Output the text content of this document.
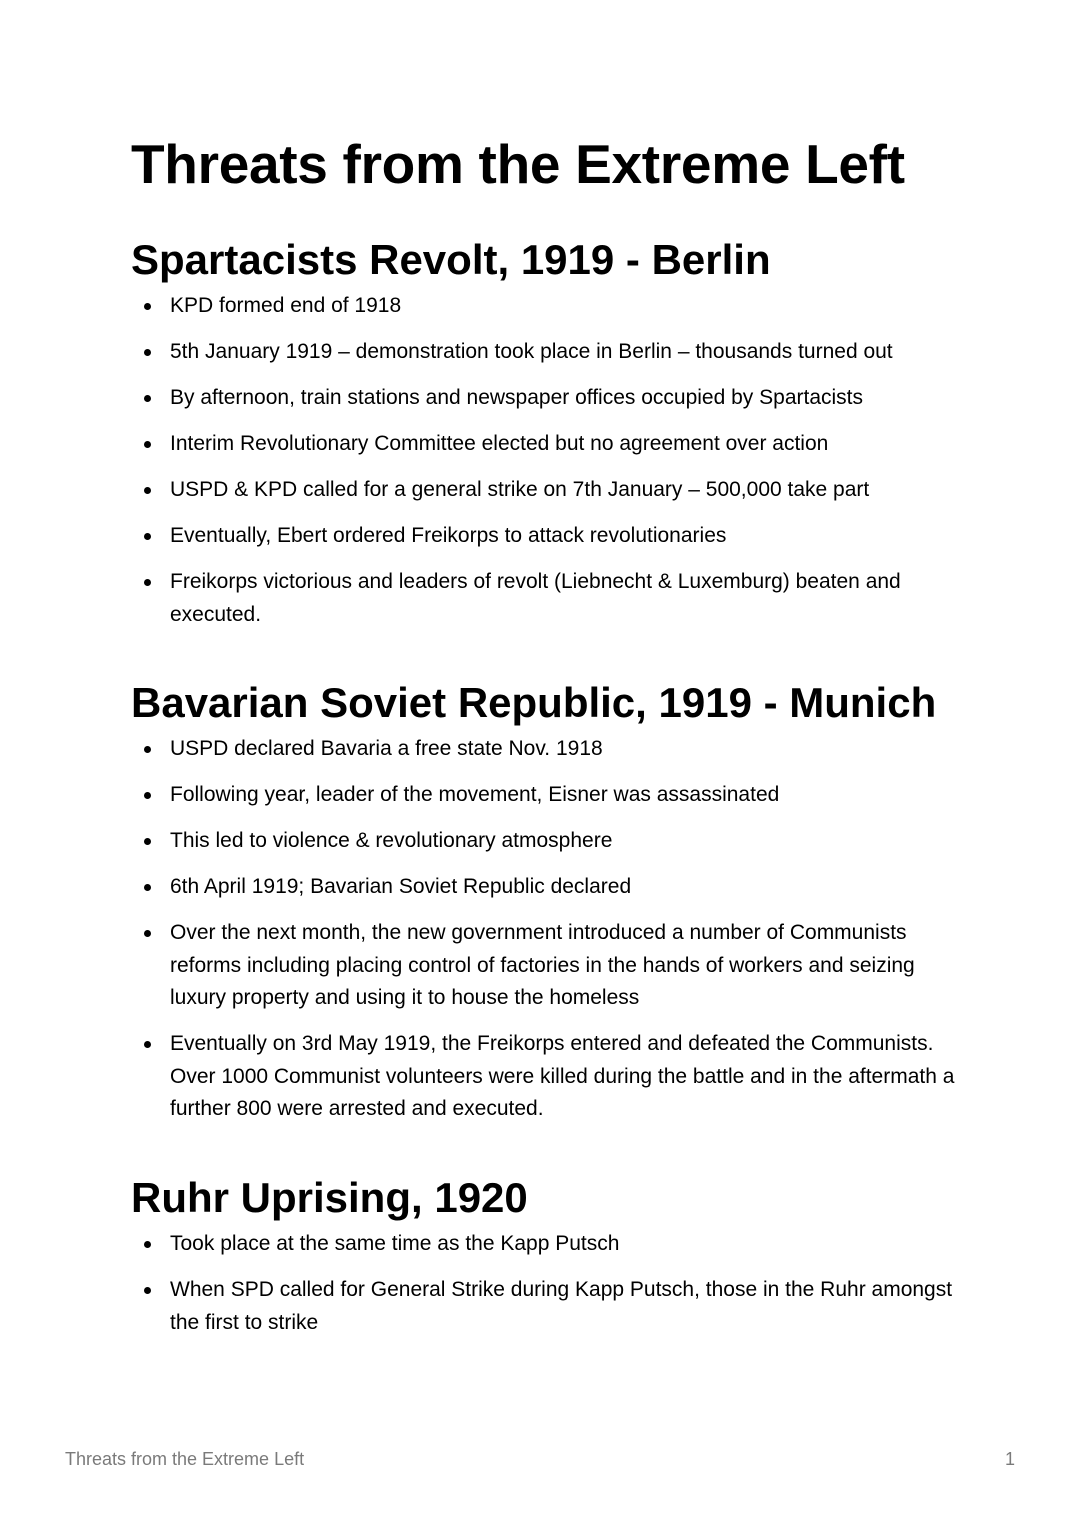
Threats from the Extreme Left
Spartacists Revolt, 1919 - Berlin
KPD formed end of 1918
5th January 1919 – demonstration took place in Berlin – thousands turned out
By afternoon, train stations and newspaper offices occupied by Spartacists
Interim Revolutionary Committee elected but no agreement over action
USPD & KPD called for a general strike on 7th January – 500,000 take part
Eventually, Ebert ordered Freikorps to attack revolutionaries
Freikorps victorious and leaders of revolt (Liebnecht & Luxemburg) beaten and executed.
Bavarian Soviet Republic, 1919 - Munich
USPD declared Bavaria a free state Nov. 1918
Following year, leader of the movement, Eisner was assassinated
This led to violence & revolutionary atmosphere
6th April 1919; Bavarian Soviet Republic declared
Over the next month, the new government introduced a number of Communists reforms including placing control of factories in the hands of workers and seizing luxury property and using it to house the homeless
Eventually on 3rd May 1919, the Freikorps entered and defeated the Communists. Over 1000 Communist volunteers were killed during the battle and in the aftermath a further 800 were arrested and executed.
Ruhr Uprising, 1920
Took place at the same time as the Kapp Putsch
When SPD called for General Strike during Kapp Putsch, those in the Ruhr amongst the first to strike
Threats from the Extreme Left	1
